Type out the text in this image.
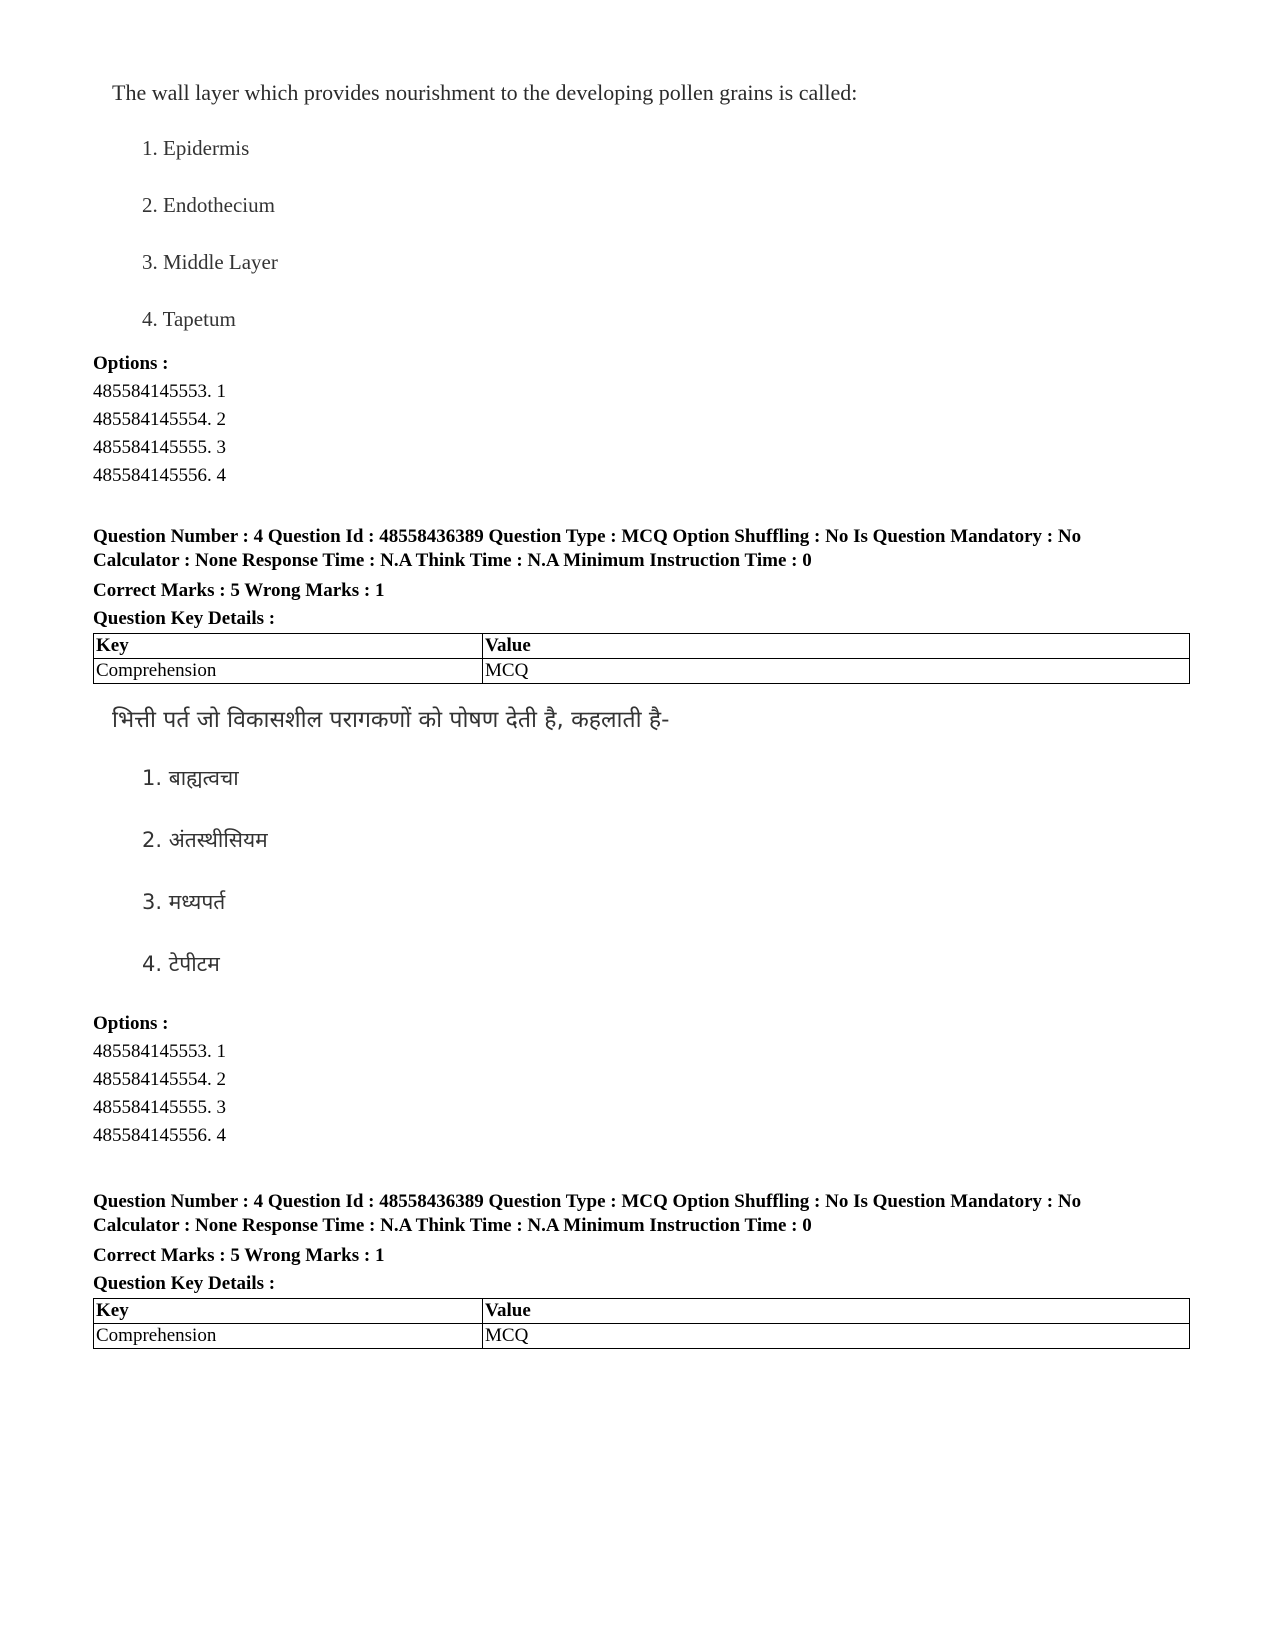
The wall layer which provides nourishment to the developing pollen grains is called:
1. Epidermis
2. Endothecium
3. Middle Layer
4. Tapetum
Options :
485584145553. 1
485584145554. 2
485584145555. 3
485584145556. 4
Question Number : 4 Question Id : 48558436389 Question Type : MCQ Option Shuffling : No Is Question Mandatory : No
Calculator : None Response Time : N.A Think Time : N.A Minimum Instruction Time : 0
Correct Marks : 5 Wrong Marks : 1
Question Key Details :
Key	Value
Comprehension	MCQ
भित्ती पर्त जो विकासशील परागकणों को पोषण देती है, कहलाती है-
1. बाह्यत्वचा
2. अंतस्थीसियम
3. मध्यपर्त
4. टेपीटम
Options :
485584145553. 1
485584145554. 2
485584145555. 3
485584145556. 4
Question Number : 4 Question Id : 48558436389 Question Type : MCQ Option Shuffling : No Is Question Mandatory : No
Calculator : None Response Time : N.A Think Time : N.A Minimum Instruction Time : 0
Correct Marks : 5 Wrong Marks : 1
Question Key Details :
Key	Value
Comprehension	MCQ
